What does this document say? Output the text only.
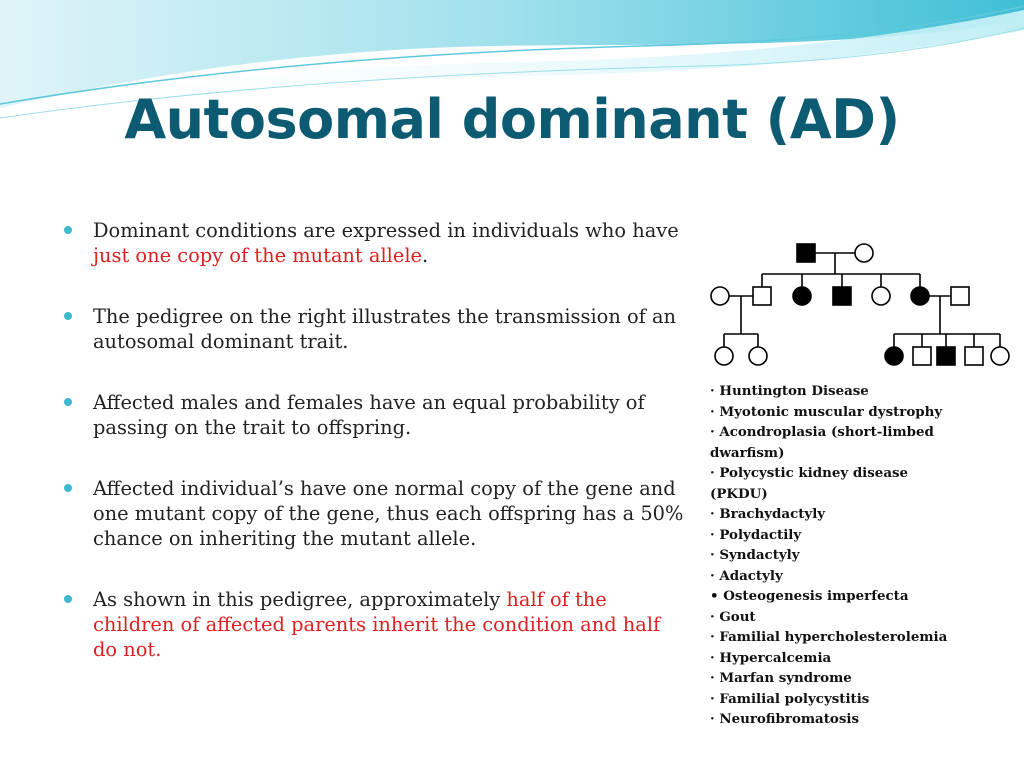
Autosomal dominant (AD)
Dominant conditions are expressed in individuals who have just one copy of the mutant allele.
The pedigree on the right illustrates the transmission of an autosomal dominant trait.
Affected males and females have an equal probability of passing on the trait to offspring.
Affected individual’s have one normal copy of the gene and one mutant copy of the gene, thus each offspring has a 50% chance on inheriting the mutant allele.
As shown in this pedigree, approximately half of the children of affected parents inherit the condition and half do not.
· Huntington Disease
· Myotonic muscular dystrophy
· Acondroplasia (short-limbed
dwarfism)
· Polycystic kidney disease
(PKDU)
· Brachydactyly
· Polydactily
· Syndactyly
· Adactyly
• Osteogenesis imperfecta
· Gout
· Familial hypercholesterolemia
· Hypercalcemia
· Marfan syndrome
· Familial polycystitis
· Neurofibromatosis
